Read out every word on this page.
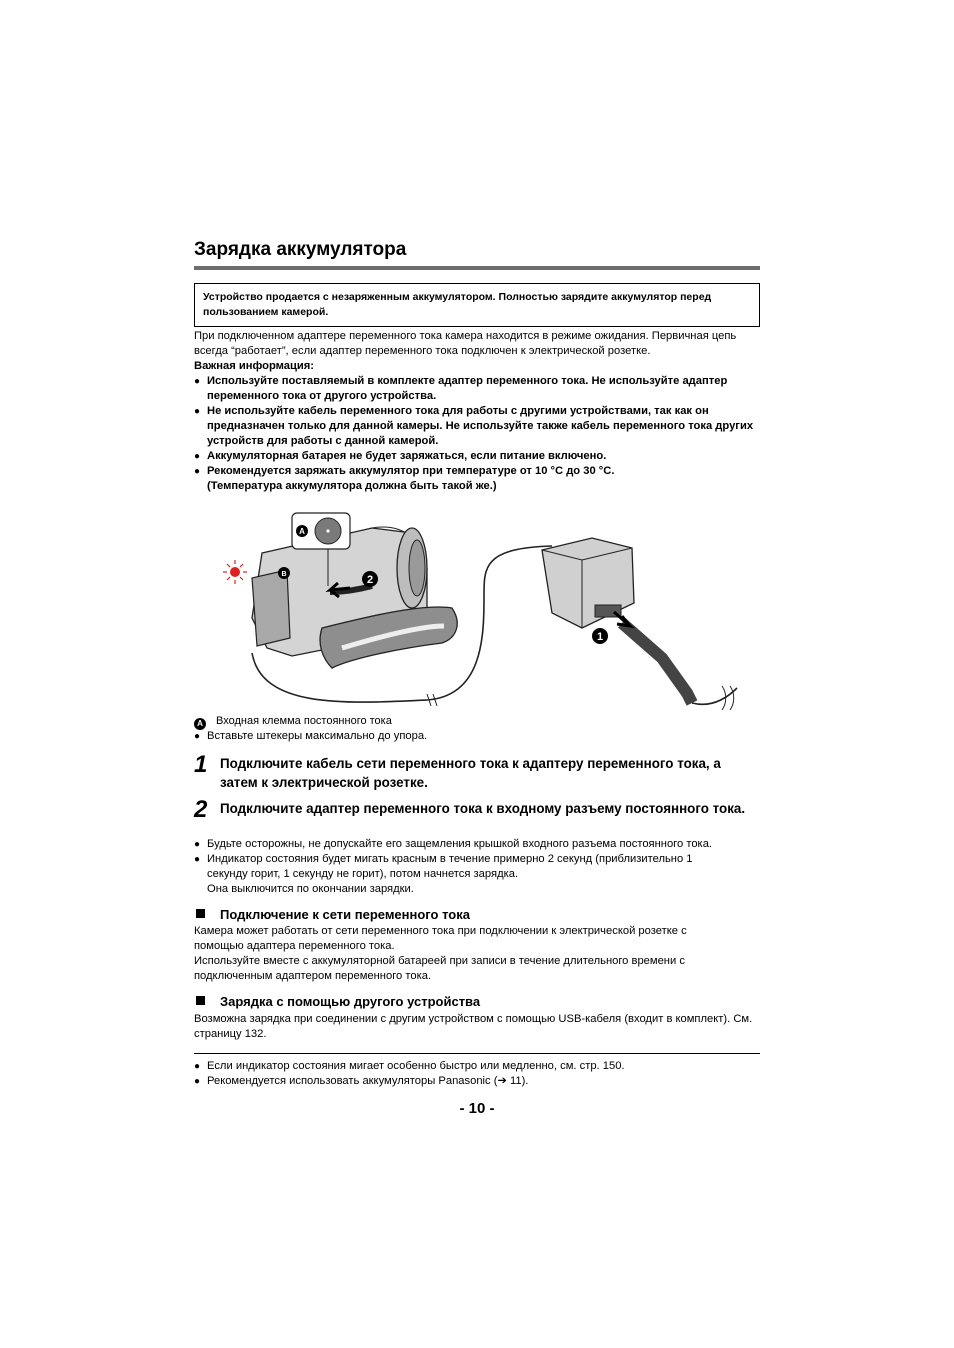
Зарядка аккумулятора
Устройство продается с незаряженным аккумулятором. Полностью зарядите аккумулятор перед пользованием камерой.
При подключенном адаптере переменного тока камера находится в режиме ожидания. Первичная цепь всегда “работает”, если адаптер переменного тока подключен к электрической розетке.
Важная информация:
● Используйте поставляемый в комплекте адаптер переменного тока. Не используйте адаптер переменного тока от другого устройства.
● Не используйте кабель переменного тока для работы с другими устройствами, так как он предназначен только для данной камеры. Не используйте также кабель переменного тока других устройств для работы с данной камерой.
● Аккумуляторная батарея не будет заряжаться, если питание включено.
● Рекомендуется заряжать аккумулятор при температуре от 10 °C до 30 °C.
(Температура аккумулятора должна быть такой же.)
A
B	2
1
A Входная клемма постоянного тока
● Вставьте штекеры максимально до упора.
1 Подключите кабель сети переменного тока к адаптеру переменного тока, а затем к электрической розетке.
2 Подключите адаптер переменного тока к входному разъему постоянного тока.
● Будьте осторожны, не допускайте его защемления крышкой входного разъема постоянного тока.
● Индикатор состояния будет мигать красным в течение примерно 2 секунд (приблизительно 1 секунду горит, 1 секунду не горит), потом начнется зарядка.
Она выключится по окончании зарядки.
Подключение к сети переменного тока
Камера может работать от сети переменного тока при подключении к электрической розетке с помощью адаптера переменного тока.
Используйте вместе с аккумуляторной батареей при записи в течение длительного времени с подключенным адаптером переменного тока.
Зарядка с помощью другого устройства
Возможна зарядка при соединении с другим устройством с помощью USB-кабеля (входит в комплект). См. страницу 132.
● Если индикатор состояния мигает особенно быстро или медленно, см. стр. 150.
● Рекомендуется использовать аккумуляторы Panasonic (➔ 11).
- 10 -
